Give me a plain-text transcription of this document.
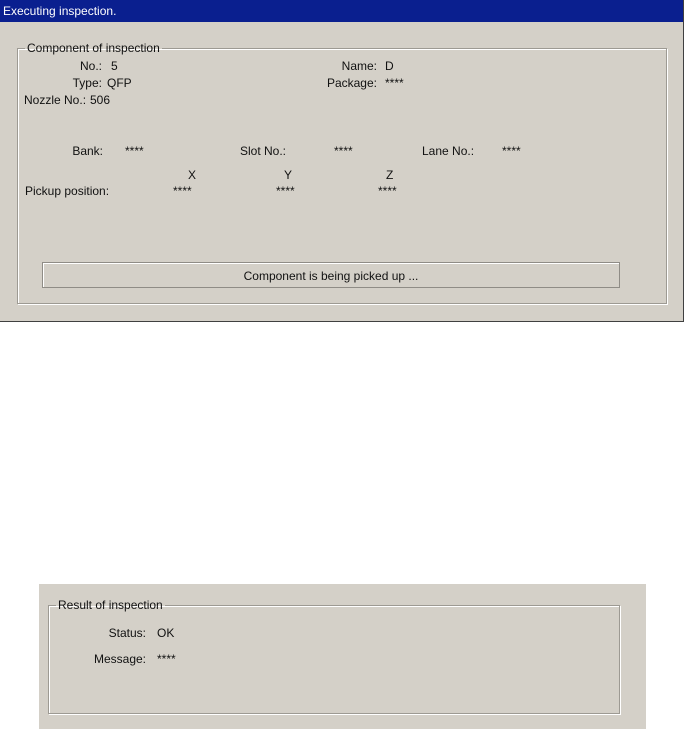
Executing inspection.
Component of inspection
No.: 5	Name: D
Type: QFP	Package: ****
Nozzle No.: 506
Bank: ****	Slot No.:	****	Lane No.: ****
X	Y	Z
Pickup position:	****	****	****
Component is being picked up ...
Result of inspection
Status: OK
Message: ****
